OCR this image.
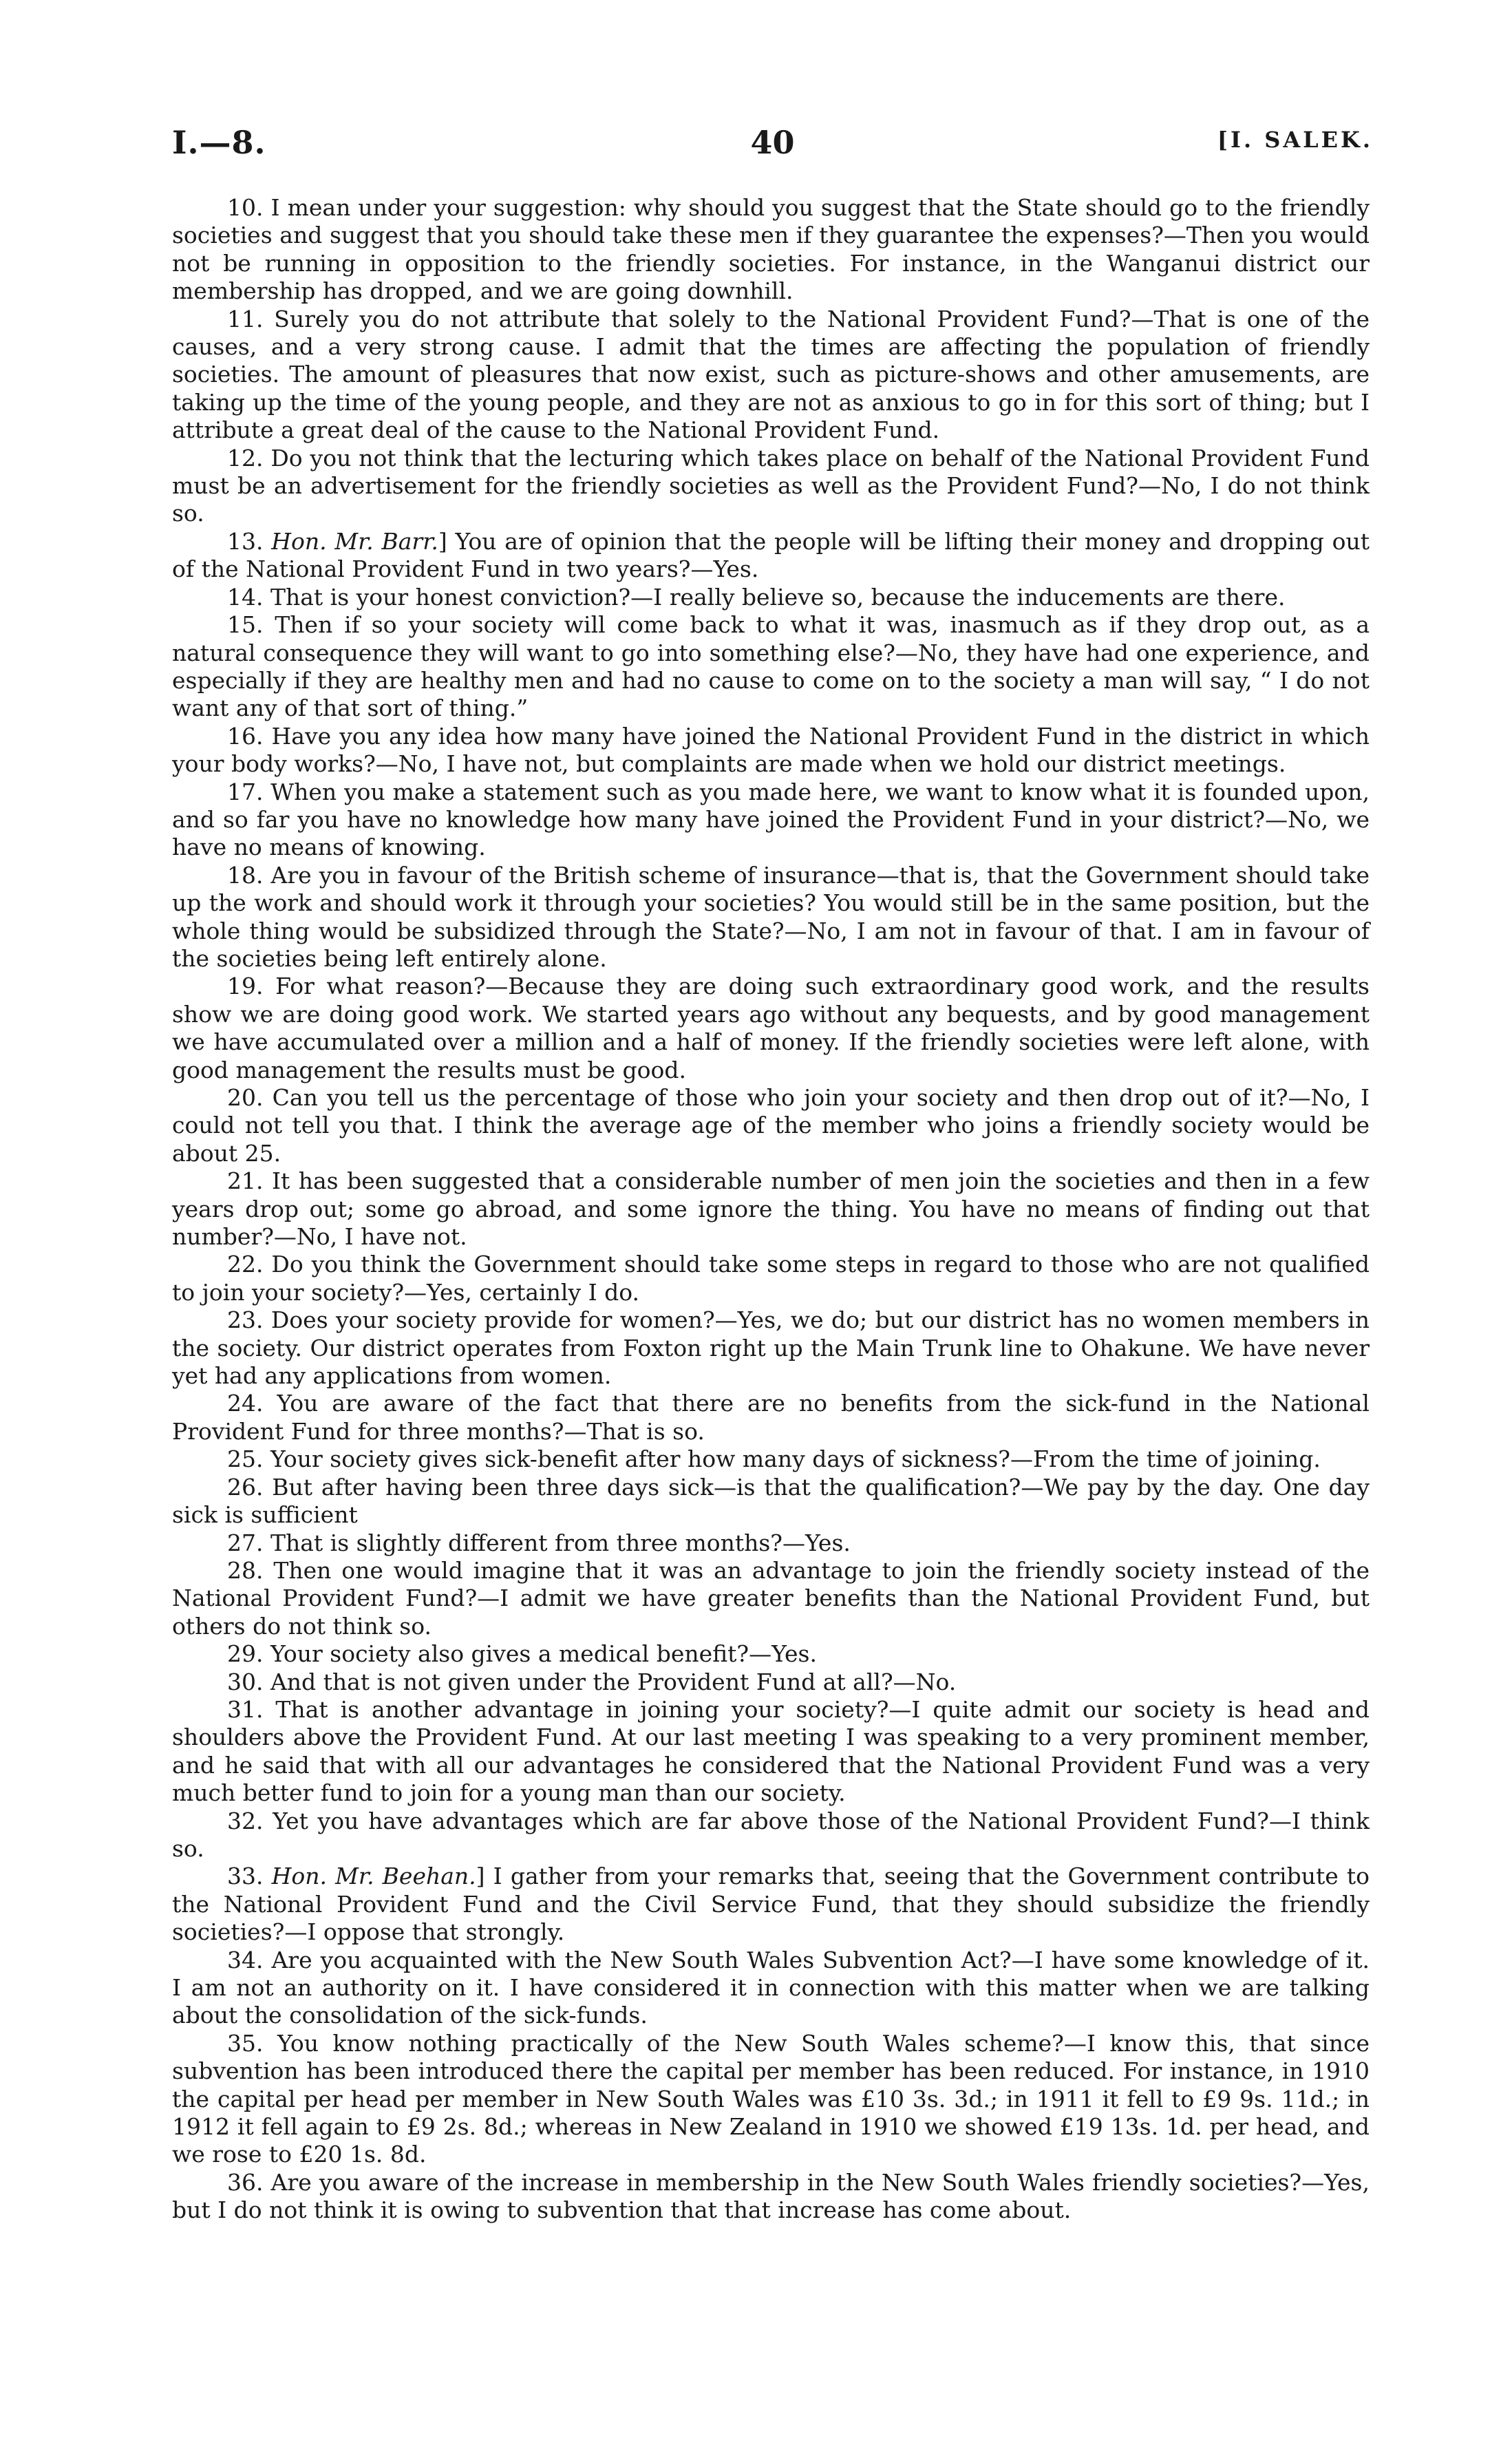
I.—8.	40	[I. SALEK.

10. I mean under your suggestion: why should you suggest that the State should go to the friendly societies and suggest that you should take these men if they guarantee the expenses?—Then you would not be running in opposition to the friendly societies. For instance, in the Wanganui district our membership has dropped, and we are going downhill.

11. Surely you do not attribute that solely to the National Provident Fund?—That is one of the causes, and a very strong cause. I admit that the times are affecting the population of friendly societies. The amount of pleasures that now exist, such as picture-shows and other amusements, are taking up the time of the young people, and they are not as anxious to go in for this sort of thing; but I attribute a great deal of the cause to the National Provident Fund.

12. Do you not think that the lecturing which takes place on behalf of the National Provident Fund must be an advertisement for the friendly societies as well as the Provident Fund?—No, I do not think so.

13. Hon. Mr. Barr.] You are of opinion that the people will be lifting their money and dropping out of the National Provident Fund in two years?—Yes.

14. That is your honest conviction?—I really believe so, because the inducements are there.

15. Then if so your society will come back to what it was, inasmuch as if they drop out, as a natural consequence they will want to go into something else?—No, they have had one experience, and especially if they are healthy men and had no cause to come on to the society a man will say, “ I do not want any of that sort of thing.”

16. Have you any idea how many have joined the National Provident Fund in the district in which your body works?—No, I have not, but complaints are made when we hold our district meetings.

17. When you make a statement such as you made here, we want to know what it is founded upon, and so far you have no knowledge how many have joined the Provident Fund in your district?—No, we have no means of knowing.

18. Are you in favour of the British scheme of insurance—that is, that the Government should take up the work and should work it through your societies? You would still be in the same position, but the whole thing would be subsidized through the State?—No, I am not in favour of that. I am in favour of the societies being left entirely alone.

19. For what reason?—Because they are doing such extraordinary good work, and the results show we are doing good work. We started years ago without any bequests, and by good management we have accumulated over a million and a half of money. If the friendly societies were left alone, with good management the results must be good.

20. Can you tell us the percentage of those who join your society and then drop out of it?—No, I could not tell you that. I think the average age of the member who joins a friendly society would be about 25.

21. It has been suggested that a considerable number of men join the societies and then in a few years drop out; some go abroad, and some ignore the thing. You have no means of finding out that number?—No, I have not.

22. Do you think the Government should take some steps in regard to those who are not qualified to join your society?—Yes, certainly I do.

23. Does your society provide for women?—Yes, we do; but our district has no women members in the society. Our district operates from Foxton right up the Main Trunk line to Ohakune. We have never yet had any applications from women.

24. You are aware of the fact that there are no benefits from the sick-fund in the National Provident Fund for three months?—That is so.

25. Your society gives sick-benefit after how many days of sickness?—From the time of joining.

26. But after having been three days sick—is that the qualification?—We pay by the day. One day sick is sufficient

27. That is slightly different from three months?—Yes.

28. Then one would imagine that it was an advantage to join the friendly society instead of the National Provident Fund?—I admit we have greater benefits than the National Provident Fund, but others do not think so.

29. Your society also gives a medical benefit?—Yes.

30. And that is not given under the Provident Fund at all?—No.

31. That is another advantage in joining your society?—I quite admit our society is head and shoulders above the Provident Fund. At our last meeting I was speaking to a very prominent member, and he said that with all our advantages he considered that the National Provident Fund was a very much better fund to join for a young man than our society.

32. Yet you have advantages which are far above those of the National Provident Fund?—I think so.

33. Hon. Mr. Beehan.] I gather from your remarks that, seeing that the Government contribute to the National Provident Fund and the Civil Service Fund, that they should subsidize the friendly societies?—I oppose that strongly.

34. Are you acquainted with the New South Wales Subvention Act?—I have some knowledge of it. I am not an authority on it. I have considered it in connection with this matter when we are talking about the consolidation of the sick-funds.

35. You know nothing practically of the New South Wales scheme?—I know this, that since subvention has been introduced there the capital per member has been reduced. For instance, in 1910 the capital per head per member in New South Wales was £10 3s. 3d.; in 1911 it fell to £9 9s. 11d.; in 1912 it fell again to £9 2s. 8d.; whereas in New Zealand in 1910 we showed £19 13s. 1d. per head, and we rose to £20 1s. 8d.

36. Are you aware of the increase in membership in the New South Wales friendly societies?—Yes, but I do not think it is owing to subvention that that increase has come about.
